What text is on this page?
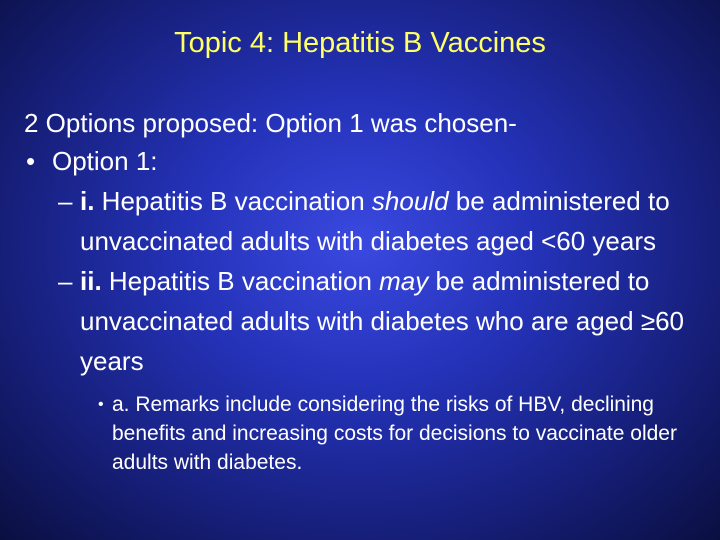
Topic 4: Hepatitis B Vaccines
2 Options proposed: Option 1 was chosen-
• Option 1:
– i. Hepatitis B vaccination should be administered to unvaccinated adults with diabetes aged <60 years
– ii. Hepatitis B vaccination may be administered to unvaccinated adults with diabetes who are aged ≥60 years
• a. Remarks include considering the risks of HBV, declining benefits and increasing costs for decisions to vaccinate older adults with diabetes.
